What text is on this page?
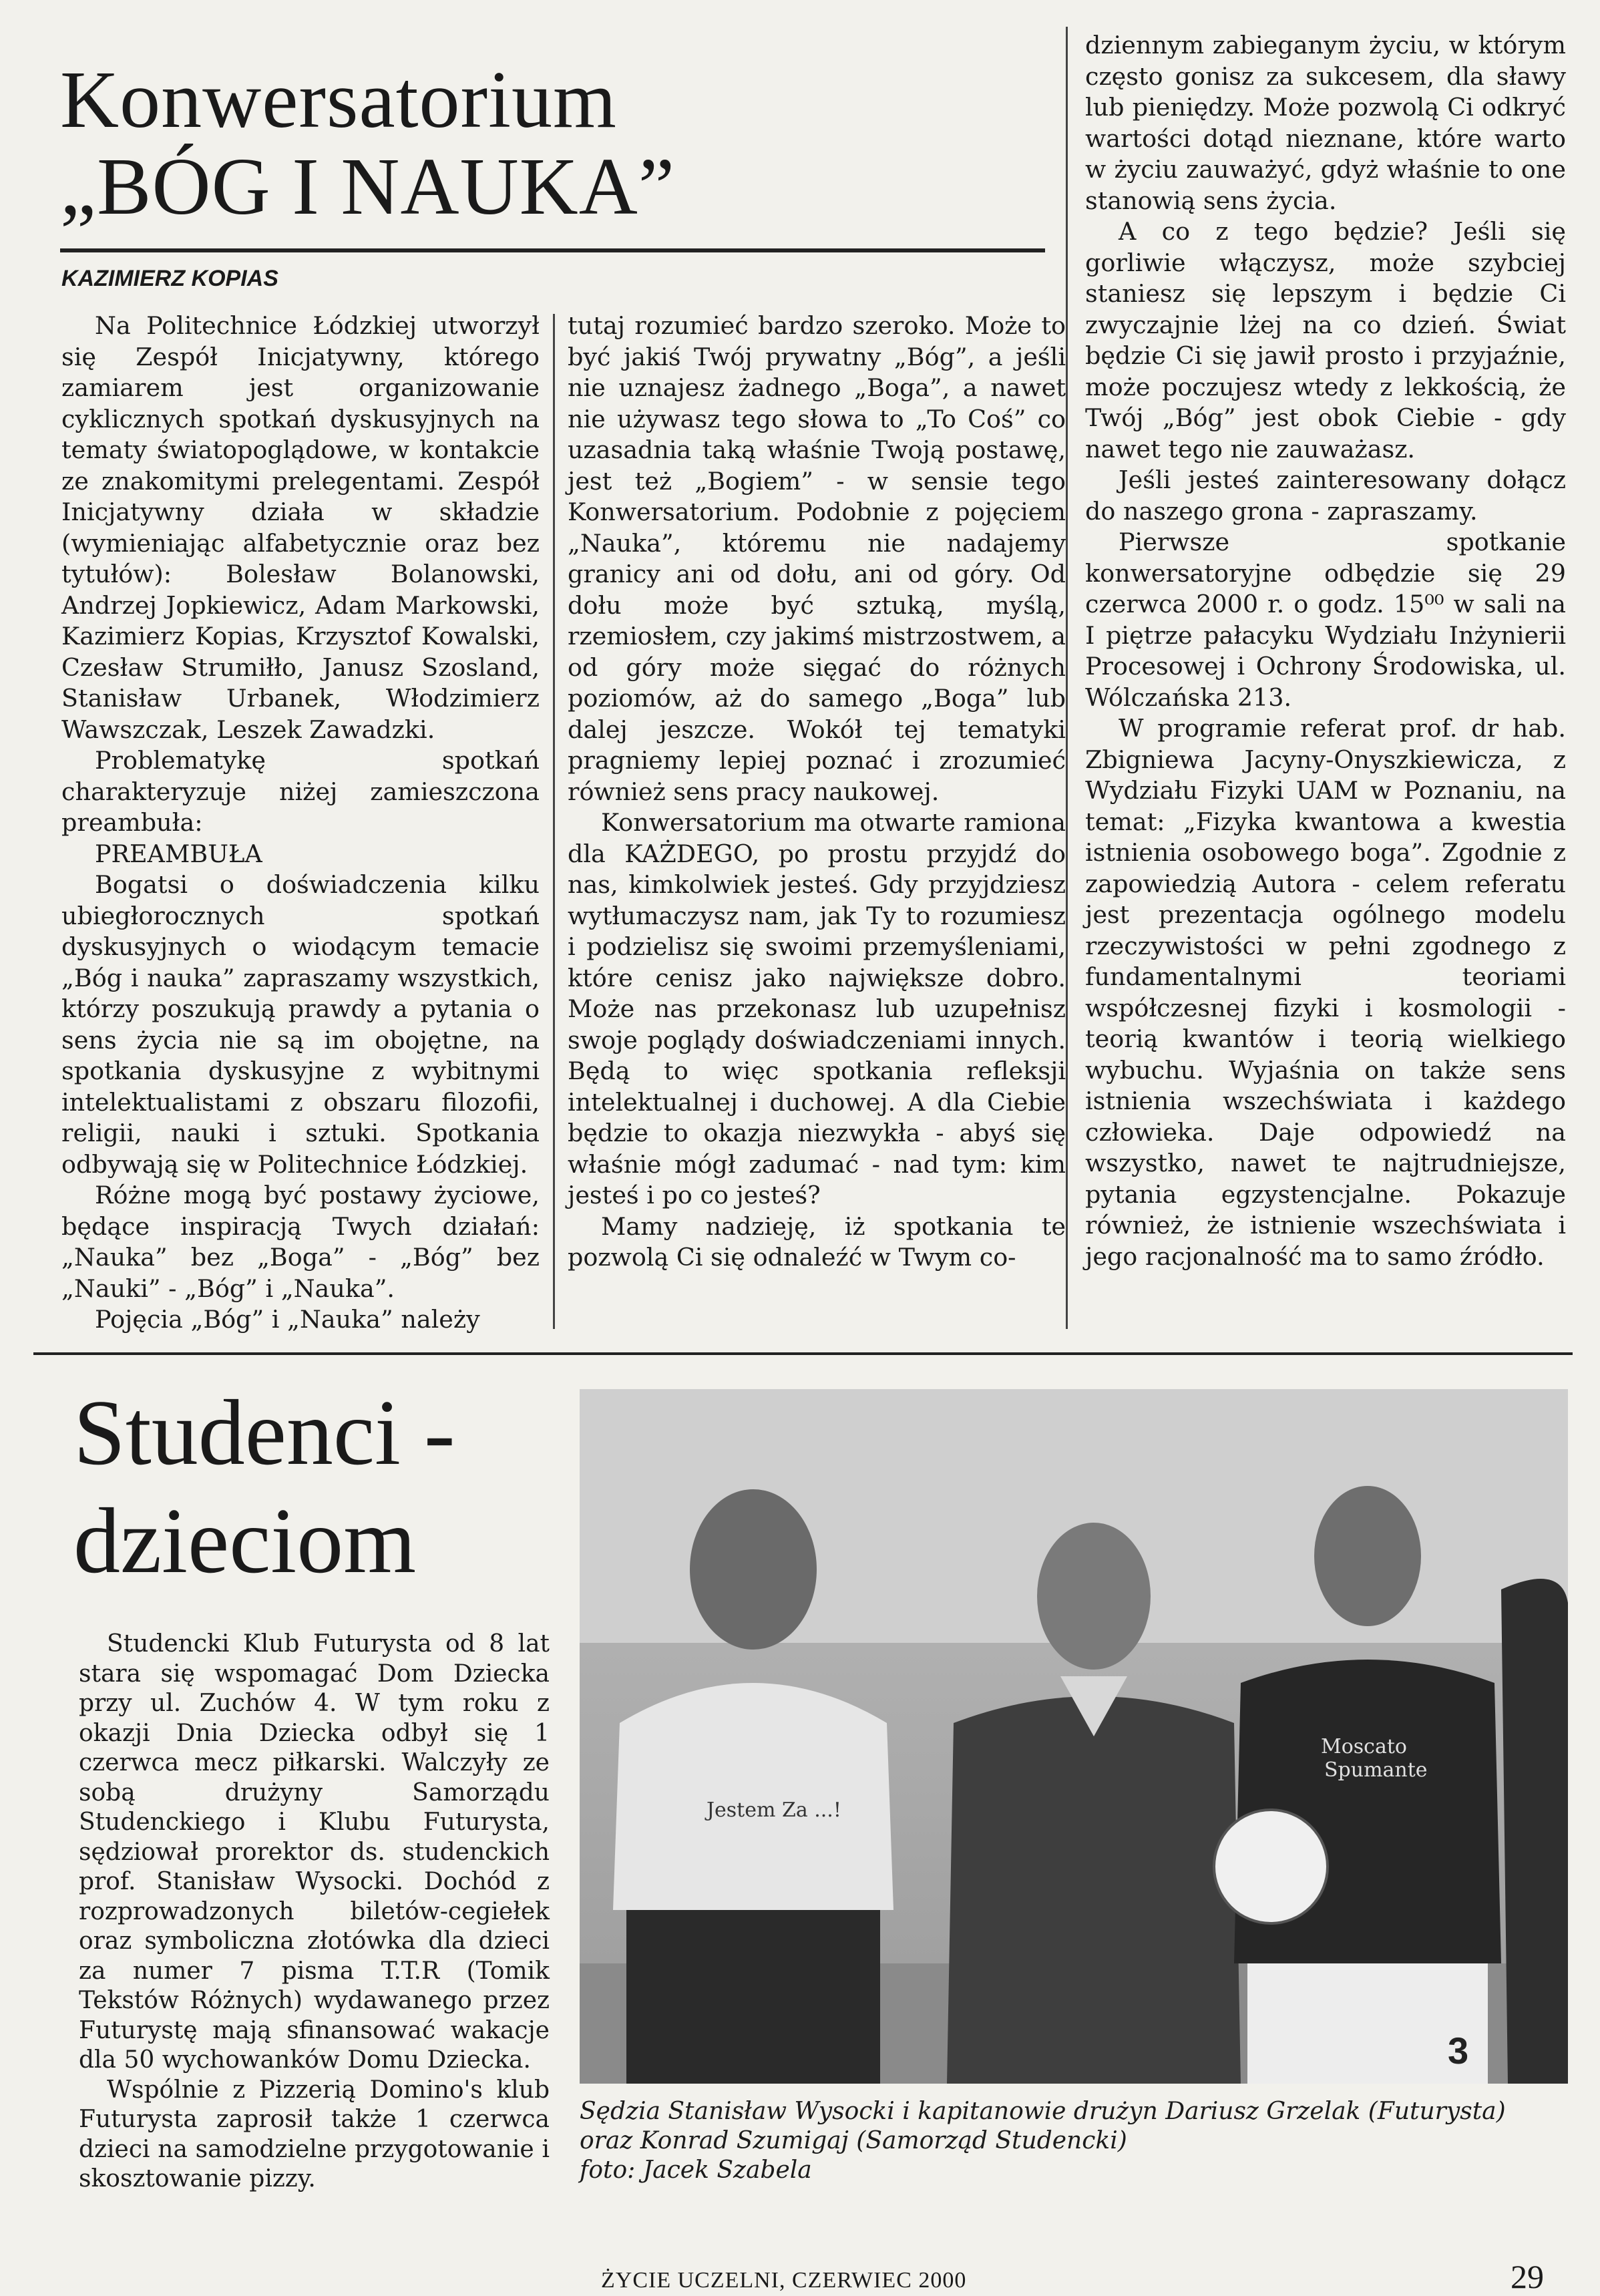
Konwersatorium
„BÓG I NAUKA”
KAZIMIERZ KOPIAS

Na Politechnice Łódzkiej utworzył się Zespół Inicjatywny, którego zamiarem jest organizowanie cyklicznych spotkań dyskusyjnych na tematy światopoglądowe, w kontakcie ze znakomitymi prelegentami. Zespół Inicjatywny działa w składzie (wymieniając alfabetycznie oraz bez tytułów): Bolesław Bolanowski, Andrzej Jopkiewicz, Adam Markowski, Kazimierz Kopias, Krzysztof Kowalski, Czesław Strumiłło, Janusz Szosland, Stanisław Urbanek, Włodzimierz Wawszczak, Leszek Zawadzki.

Problematykę spotkań charakteryzuje niżej zamieszczona preambuła:

PREAMBUŁA

Bogatsi o doświadczenia kilku ubiegłorocznych spotkań dyskusyjnych o wiodącym temacie „Bóg i nauka” zapraszamy wszystkich, którzy poszukują prawdy a pytania o sens życia nie są im obojętne, na spotkania dyskusyjne z wybitnymi intelektualistami z obszaru filozofii, religii, nauki i sztuki. Spotkania odbywają się w Politechnice Łódzkiej.

Różne mogą być postawy życiowe, będące inspiracją Twych działań: „Nauka” bez „Boga” - „Bóg” bez „Nauki” - „Bóg” i „Nauka”.

Pojęcia „Bóg” i „Nauka” należy

tutaj rozumieć bardzo szeroko. Może to być jakiś Twój prywatny „Bóg”, a jeśli nie uznajesz żadnego „Boga”, a nawet nie używasz tego słowa to „To Coś” co uzasadnia taką właśnie Twoją postawę, jest też „Bogiem” - w sensie tego Konwersatorium. Podobnie z pojęciem „Nauka”, któremu nie nadajemy granicy ani od dołu, ani od góry. Od dołu może być sztuką, myślą, rzemiosłem, czy jakimś mistrzostwem, a od góry może sięgać do różnych poziomów, aż do samego „Boga” lub dalej jeszcze. Wokół tej tematyki pragniemy lepiej poznać i zrozumieć również sens pracy naukowej.

Konwersatorium ma otwarte ramiona dla KAŻDEGO, po prostu przyjdź do nas, kimkolwiek jesteś. Gdy przyjdziesz wytłumaczysz nam, jak Ty to rozumiesz i podzielisz się swoimi przemyśleniami, które cenisz jako największe dobro. Może nas przekonasz lub uzupełnisz swoje poglądy doświadczeniami innych. Będą to więc spotkania refleksji intelektualnej i duchowej. A dla Ciebie będzie to okazja niezwykła - abyś się właśnie mógł zadumać - nad tym: kim jesteś i po co jesteś?

Mamy nadzieję, iż spotkania te pozwolą Ci się odnaleźć w Twym co-

dziennym zabieganym życiu, w którym często gonisz za sukcesem, dla sławy lub pieniędzy. Może pozwolą Ci odkryć wartości dotąd nieznane, które warto w życiu zauważyć, gdyż właśnie to one stanowią sens życia.

A co z tego będzie? Jeśli się gorliwie włączysz, może szybciej staniesz się lepszym i będzie Ci zwyczajnie lżej na co dzień. Świat będzie Ci się jawił prosto i przyjaźnie, może poczujesz wtedy z lekkością, że Twój „Bóg” jest obok Ciebie - gdy nawet tego nie zauważasz.

Jeśli jesteś zainteresowany dołącz do naszego grona - zapraszamy.

Pierwsze spotkanie konwersatoryjne odbędzie się 29 czerwca 2000 r. o godz. 15⁰⁰ w sali na I piętrze pałacyku Wydziału Inżynierii Procesowej i Ochrony Środowiska, ul. Wólczańska 213.

W programie referat prof. dr hab. Zbigniewa Jacyny-Onyszkiewicza, z Wydziału Fizyki UAM w Poznaniu, na temat: „Fizyka kwantowa a kwestia istnienia osobowego boga”. Zgodnie z zapowiedzią Autora - celem referatu jest prezentacja ogólnego modelu rzeczywistości w pełni zgodnego z fundamentalnymi teoriami współczesnej fizyki i kosmologii - teorią kwantów i teorią wielkiego wybuchu. Wyjaśnia on także sens istnienia wszechświata i każdego człowieka. Daje odpowiedź na wszystko, nawet te najtrudniejsze, pytania egzystencjalne. Pokazuje również, że istnienie wszechświata i jego racjonalność ma to samo źródło.

Studenci -
dzieciom

Studencki Klub Futurysta od 8 lat stara się wspomagać Dom Dziecka przy ul. Zuchów 4. W tym roku z okazji Dnia Dziecka odbył się 1 czerwca mecz piłkarski. Walczyły ze sobą drużyny Samorządu Studenckiego i Klubu Futurysta, sędziował prorektor ds. studenckich prof. Stanisław Wysocki. Dochód z rozprowadzonych biletów-cegiełek oraz symboliczna złotówka dla dzieci za numer 7 pisma T.T.R (Tomik Tekstów Różnych) wydawanego przez Futurystę mają sfinansować wakacje dla 50 wychowanków Domu Dziecka.

Wspólnie z Pizzerią Domino's klub Futurysta zaprosił także 1 czerwca dzieci na samodzielne przygotowanie i skosztowanie pizzy.

Jestem Za ...!
Moscato
Spumante
3
Sędzia Stanisław Wysocki i kapitanowie drużyn Dariusz Grzelak (Futurysta)
oraz Konrad Szumigaj (Samorząd Studencki)
foto: Jacek Szabela
ŻYCIE UCZELNI, CZERWIEC 2000	29
